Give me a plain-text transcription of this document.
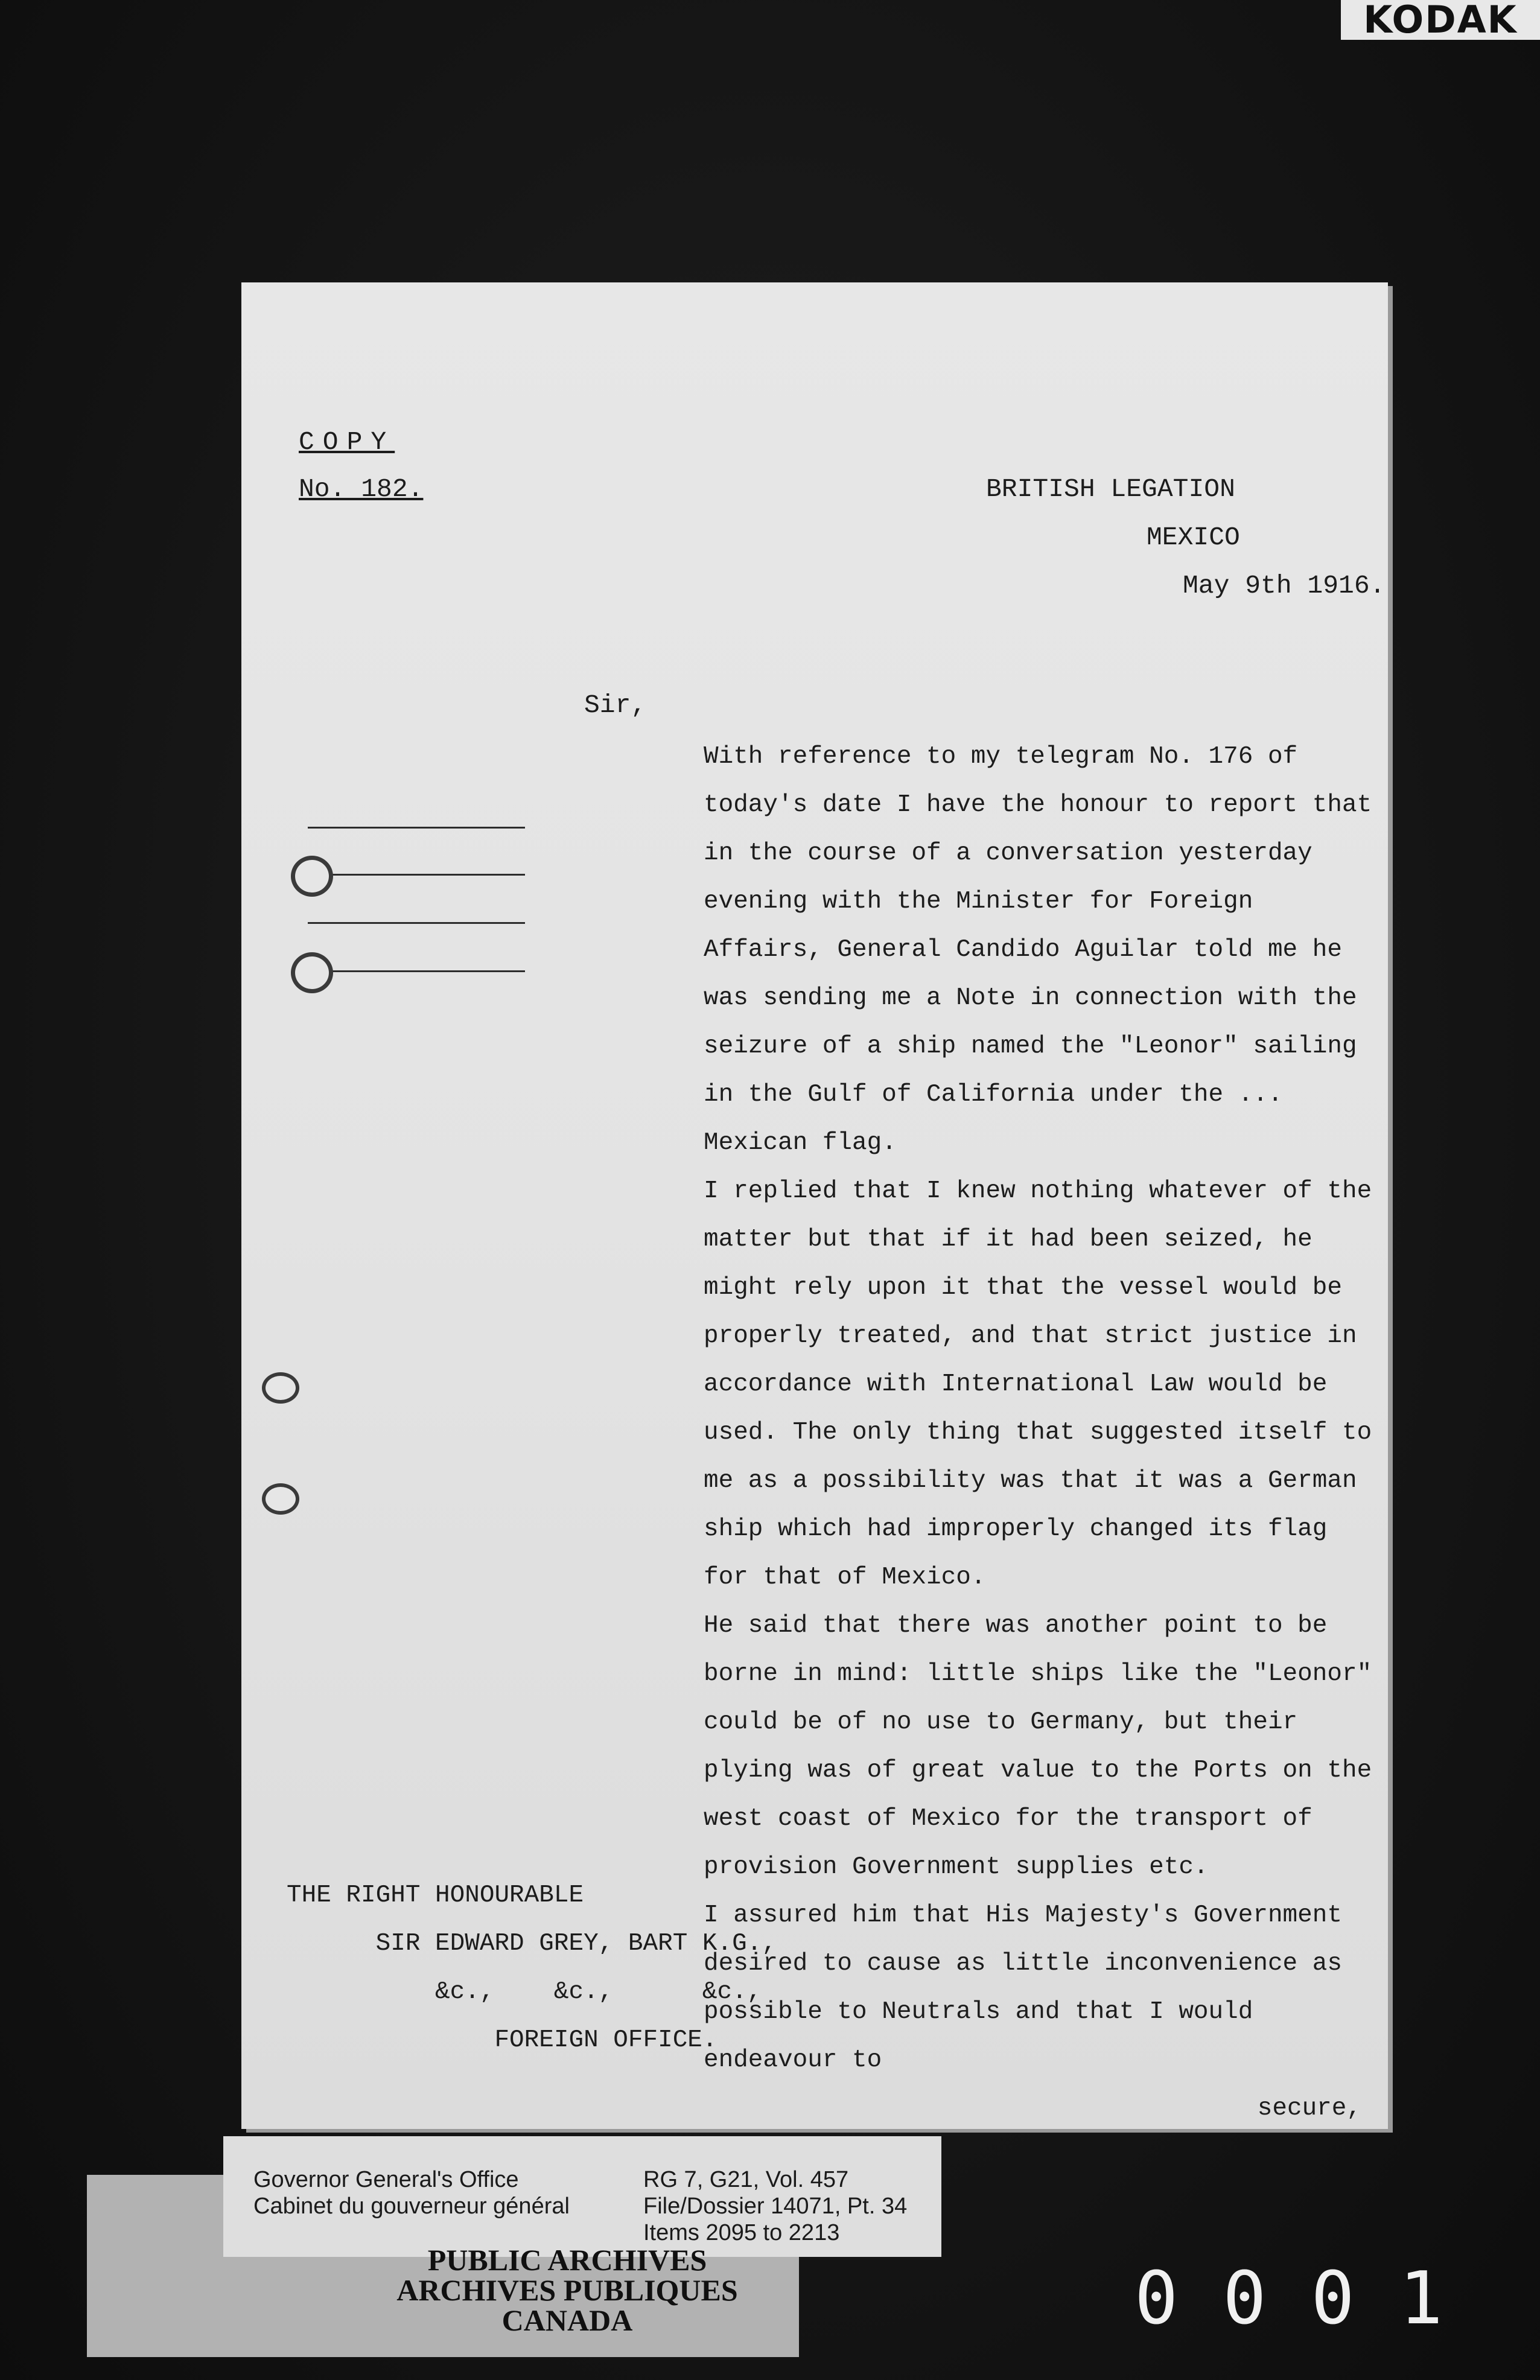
KODAK
COPY
No. 182.	BRITISH LEGATION
MEXICO
May 9th 1916.
Sir,

With reference to my telegram No. 176 of today's date I have the honour to report that in the course of a conversation yesterday evening with the Minister for Foreign Affairs, General Candido Aguilar told me he was sending me a Note in connection with the seizure of a ship named the "Leonor" sailing in the Gulf of California under the ... Mexican flag.

I replied that I knew nothing whatever of the matter but that if it had been seized, he might rely upon it that the vessel would be properly treated, and that strict justice in accordance with International Law would be used. The only thing that suggested itself to me as a possibility was that it was a German ship which had improperly changed its flag for that of Mexico.

He said that there was another point to be borne in mind: little ships like the "Leonor" could be of no use to Germany, but their plying was of great value to the Ports on the west coast of Mexico for the transport of provision Government supplies etc.

I assured him that His Majesty's Government desired to cause as little inconvenience as possible to Neutrals and that I would endeavour to

secure,

THE RIGHT HONOURABLE
SIR EDWARD GREY, BART K.G.,
&c.,    &c.,      &c.,
FOREIGN OFFICE.
Governor General's Office
Cabinet du gouverneur général
RG 7, G21, Vol. 457
File/Dossier 14071, Pt. 34
Items 2095 to 2213
PUBLIC ARCHIVES
ARCHIVES PUBLIQUES
CANADA	0001
